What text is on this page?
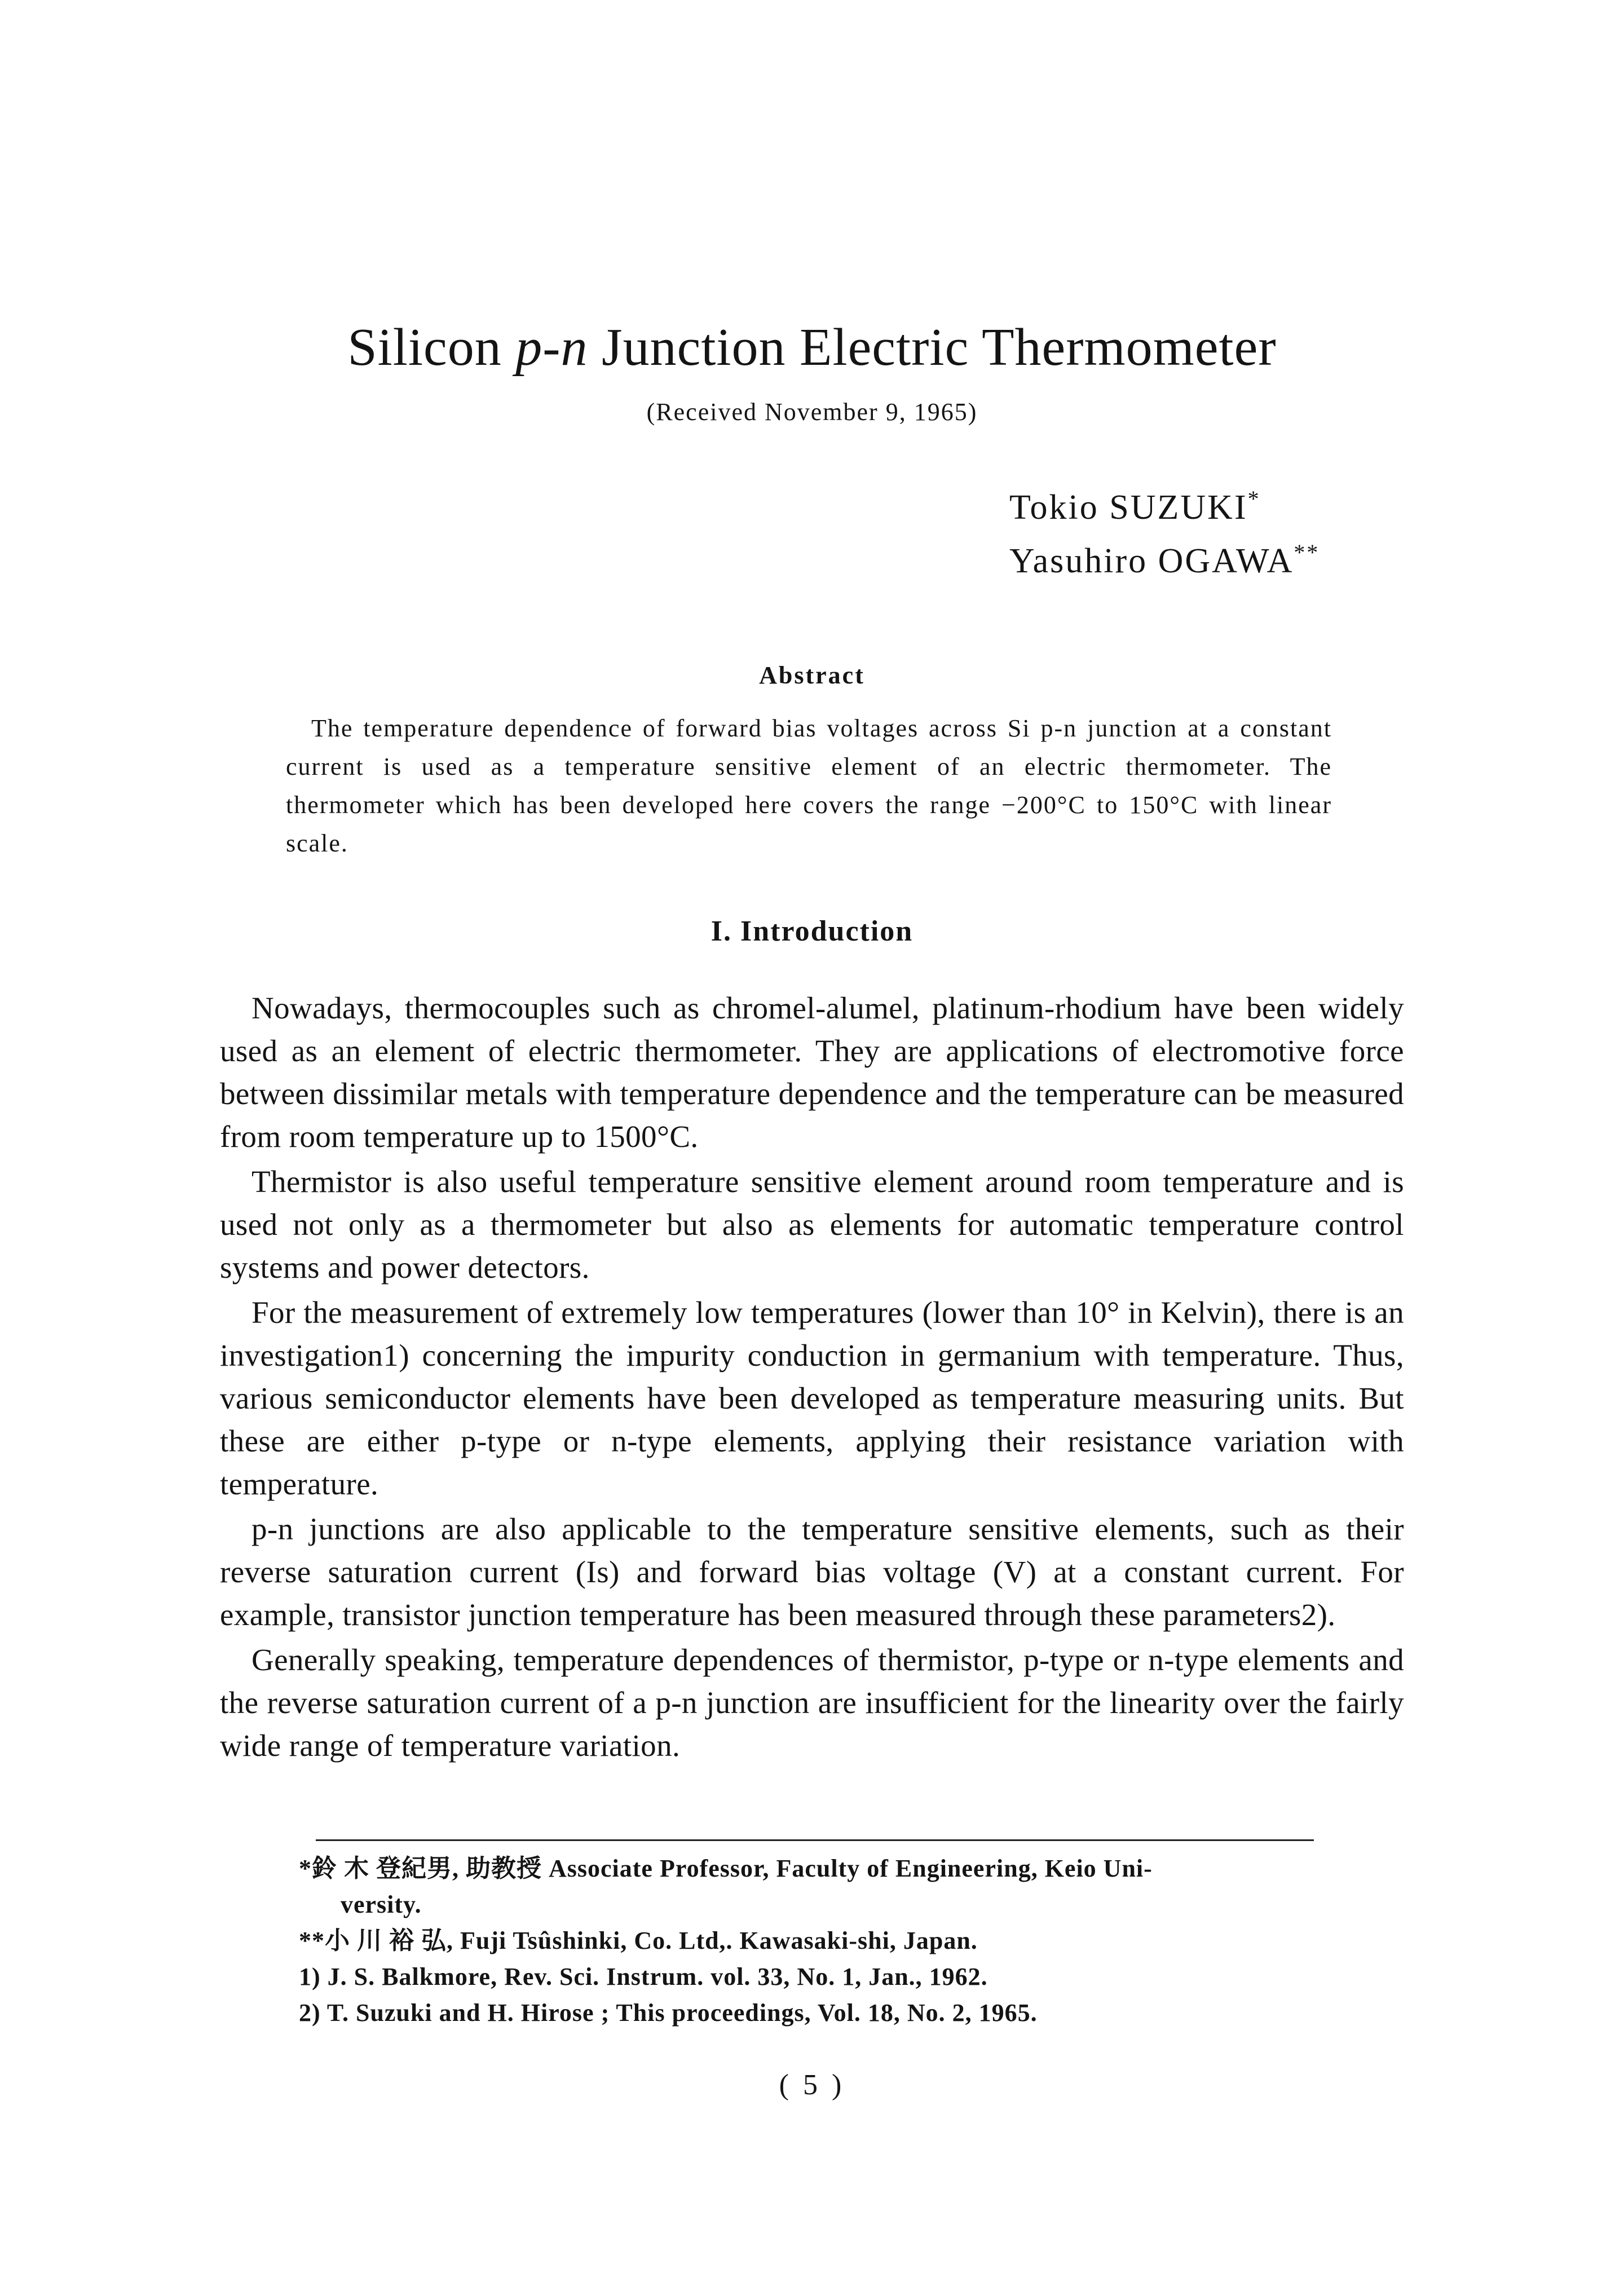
Silicon p-n Junction Electric Thermometer
(Received November 9, 1965)
Tokio SUZUKI*
Yasuhiro OGAWA**
Abstract
The temperature dependence of forward bias voltages across Si p-n junction at a constant current is used as a temperature sensitive element of an electric thermometer. The thermometer which has been developed here covers the range −200°C to 150°C with linear scale.
I. Introduction

Nowadays, thermocouples such as chromel-alumel, platinum-rhodium have been widely used as an element of electric thermometer. They are applications of electromotive force between dissimilar metals with temperature dependence and the temperature can be measured from room temperature up to 1500°C.

Thermistor is also useful temperature sensitive element around room temperature and is used not only as a thermometer but also as elements for automatic temperature control systems and power detectors.

For the measurement of extremely low temperatures (lower than 10° in Kelvin), there is an investigation1) concerning the impurity conduction in germanium with temperature. Thus, various semiconductor elements have been developed as temperature measuring units. But these are either p-type or n-type elements, applying their resistance variation with temperature.

p-n junctions are also applicable to the temperature sensitive elements, such as their reverse saturation current (Is) and forward bias voltage (V) at a constant current. For example, transistor junction temperature has been measured through these parameters2).

Generally speaking, temperature dependences of thermistor, p-type or n-type elements and the reverse saturation current of a p-n junction are insufficient for the linearity over the fairly wide range of temperature variation.

*鈴 木 登紀男, 助教授 Associate Professor, Faculty of Engineering, Keio Uni-
versity.
**小 川 裕 弘, Fuji Tsûshinki, Co. Ltd,. Kawasaki-shi, Japan.
1) J. S. Balkmore, Rev. Sci. Instrum. vol. 33, No. 1, Jan., 1962.
2) T. Suzuki and H. Hirose ; This proceedings, Vol. 18, No. 2, 1965.
( 5 )
